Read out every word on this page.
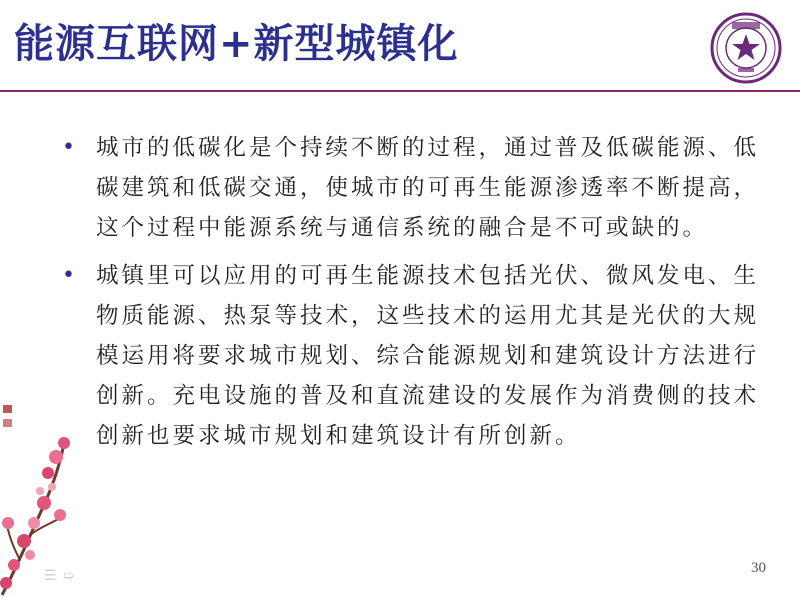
能源互联网+新型城镇化
• 城市的低碳化是个持续不断的过程，通过普及低碳能源、低碳建筑和低碳交通，使城市的可再生能源渗透率不断提高，这个过程中能源系统与通信系统的融合是不可或缺的。
• 城镇里可以应用的可再生能源技术包括光伏、微风发电、生物质能源、热泵等技术，这些技术的运用尤其是光伏的大规模运用将要求城市规划、综合能源规划和建筑设计方法进行创新。充电设施的普及和直流建设的发展作为消费侧的技术创新也要求城市规划和建筑设计有所创新。
☰ ➯	30
